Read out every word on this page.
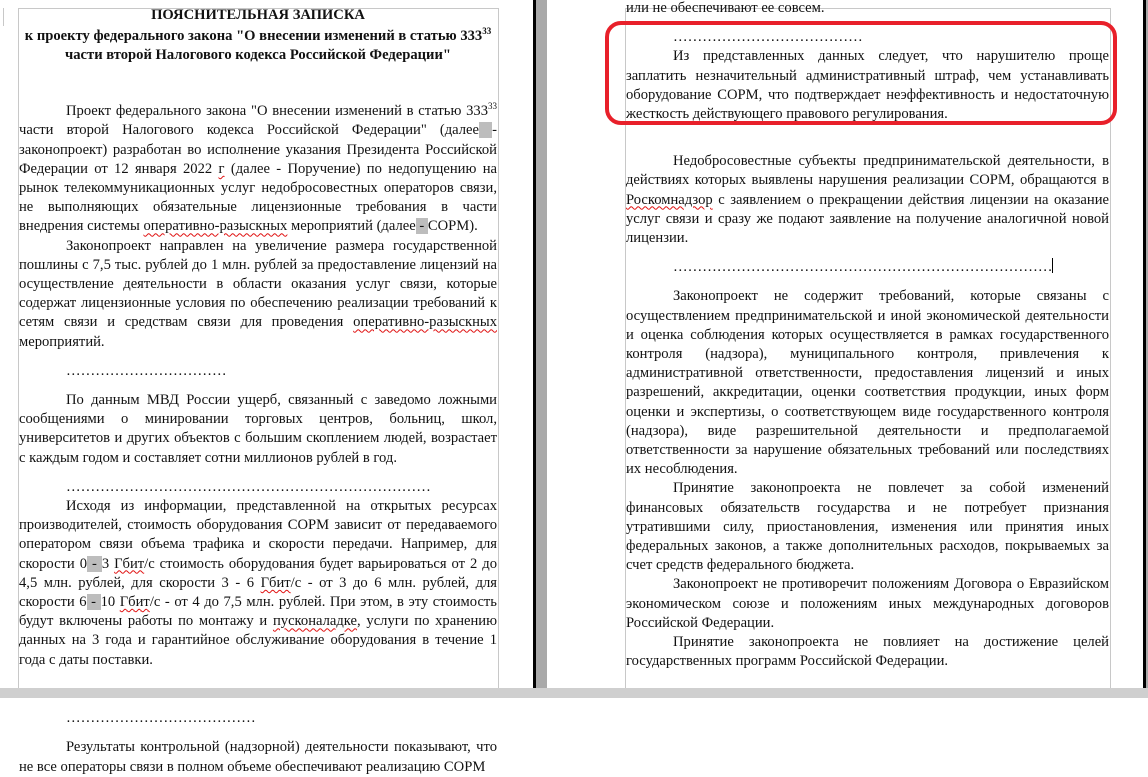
ПОЯСНИТЕЛЬНАЯ ЗАПИСКА

к проекту федерального закона "О внесении изменений в статью $333^{33}$
части второй Налогового кодекса Российской Федерации"

Проект федерального закона "О внесении изменений в статью $333^{33}$ части второй Налогового кодекса Российской Федерации" (далее - законопроект) разработан во исполнение указания Президента Российской Федерации от 12 января 2022 г (далее - Поручение) по недопущению на рынок телекоммуникационных услуг недобросовестных операторов связи, не выполняющих обязательные лицензионные требования в части внедрения системы оперативно-разыскных мероприятий (далее - СОРМ).

Законопроект направлен на увеличение размера государственной пошлины с 7,5 тыс. рублей до 1 млн. рублей за предоставление лицензий на осуществление деятельности в области оказания услуг связи, которые содержат лицензионные условия по обеспечению реализации требований к сетям связи и средствам связи для проведения оперативно-разыскных мероприятий.

……………………………

По данным МВД России ущерб, связанный с заведомо ложными сообщениями о минировании торговых центров, больниц, школ, университетов и других объектов с большим скоплением людей, возрастает с каждым годом и составляет сотни миллионов рублей в год.

…………………………………………………………………

Исходя из информации, представленной на открытых ресурсах производителей, стоимость оборудования СОРМ зависит от передаваемого оператором связи объема трафика и скорости передачи. Например, для скорости 0 - 3 Гбит/с стоимость оборудования будет варьироваться от 2 до 4,5 млн. рублей, для скорости 3 - 6 Гбит/с - от 3 до 6 млн. рублей, для скорости 6 - 10 Гбит/с - от 4 до 7,5 млн. рублей. При этом, в эту стоимость будут включены работы по монтажу и пусконаладке, услуги по хранению данных на 3 года и гарантийное обслуживание оборудования в течение 1 года с даты поставки.

…………………………………

Результаты контрольной (надзорной) деятельности показывают, что не все операторы связи в полном объеме обеспечивают реализацию СОРМ

или не обеспечивают ее совсем.

…………………………………

Из представленных данных следует, что нарушителю проще заплатить незначительный административный штраф, чем устанавливать оборудование СОРМ, что подтверждает неэффективность и недостаточную жесткость действующего правового регулирования.

Недобросовестные субъекты предпринимательской деятельности, в действиях которых выявлены нарушения реализации СОРМ, обращаются в Роскомнадзор с заявлением о прекращении действия лицензии на оказание услуг связи и сразу же подают заявление на получение аналогичной новой лицензии.

……………………………………………………………………

Законопроект не содержит требований, которые связаны с осуществлением предпринимательской и иной экономической деятельности и оценка соблюдения которых осуществляется в рамках государственного контроля (надзора), муниципального контроля, привлечения к административной ответственности, предоставления лицензий и иных разрешений, аккредитации, оценки соответствия продукции, иных форм оценки и экспертизы, о соответствующем виде государственного контроля (надзора), виде разрешительной деятельности и предполагаемой ответственности за нарушение обязательных требований или последствиях их несоблюдения.

Принятие законопроекта не повлечет за собой изменений финансовых обязательств государства и не потребует признания утратившими силу, приостановления, изменения или принятия иных федеральных законов, а также дополнительных расходов, покрываемых за счет средств федерального бюджета.

Законопроект не противоречит положениям Договора о Евразийском экономическом союзе и положениям иных международных договоров Российской Федерации.

Принятие законопроекта не повлияет на достижение целей государственных программ Российской Федерации.
